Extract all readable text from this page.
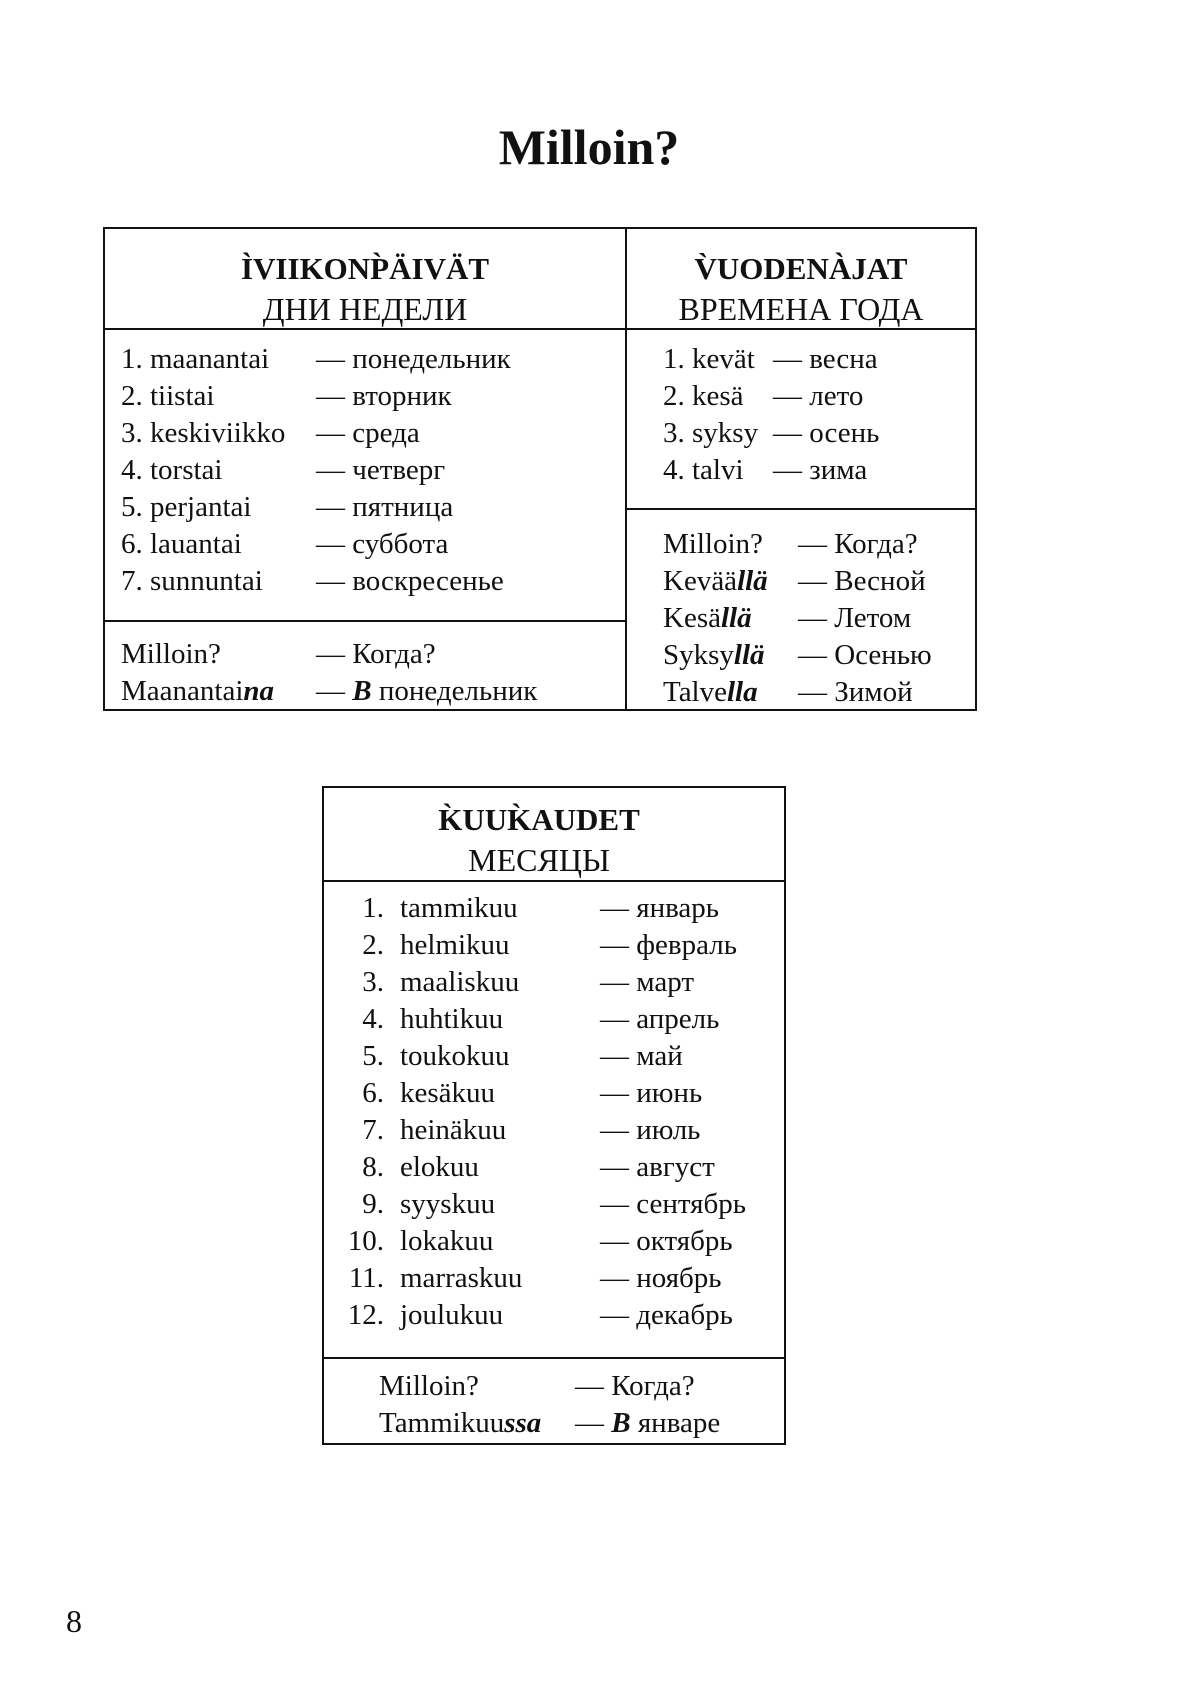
Milloin?
ÌVIIKONP̀ÄIVÄT
ДНИ НЕДЕЛИ
1. maanantai — понедельник
2. tiistai	— вторник
3. keskiviikko — среда
4. torstai	— четверг
5. perjantai — пятница
6. lauantai	— суббота
7. sunnuntai — воскресенье
Milloin?	— Когда?
Maanantaina — В понедельник
V̀UODENÀJAT
ВРЕМЕНА ГОДА
1. kevät — весна
2. kesä — лето
3. syksy — осень
4. talvi — зима
Milloin? — Когда?
Keväällä — Весной
Kesällä — Летом
Syksyllä — Осенью
Talvella — Зимой
K̀UUK̀AUDET
МЕСЯЦЫ
1. tammikuu	— январь
2. helmikuu	— февраль
3. maaliskuu	— март
4. huhtikuu	— апрель
5. toukokuu	— май
6. kesäkuu	— июнь
7. heinäkuu	— июль
8. elokuu	— август
9. syyskuu	— сентябрь
10. lokakuu	— октябрь
11. marraskuu	— ноябрь
12. joulukuu	— декабрь
Milloin?	— Когда?
Tammikuussa — В январе
8
